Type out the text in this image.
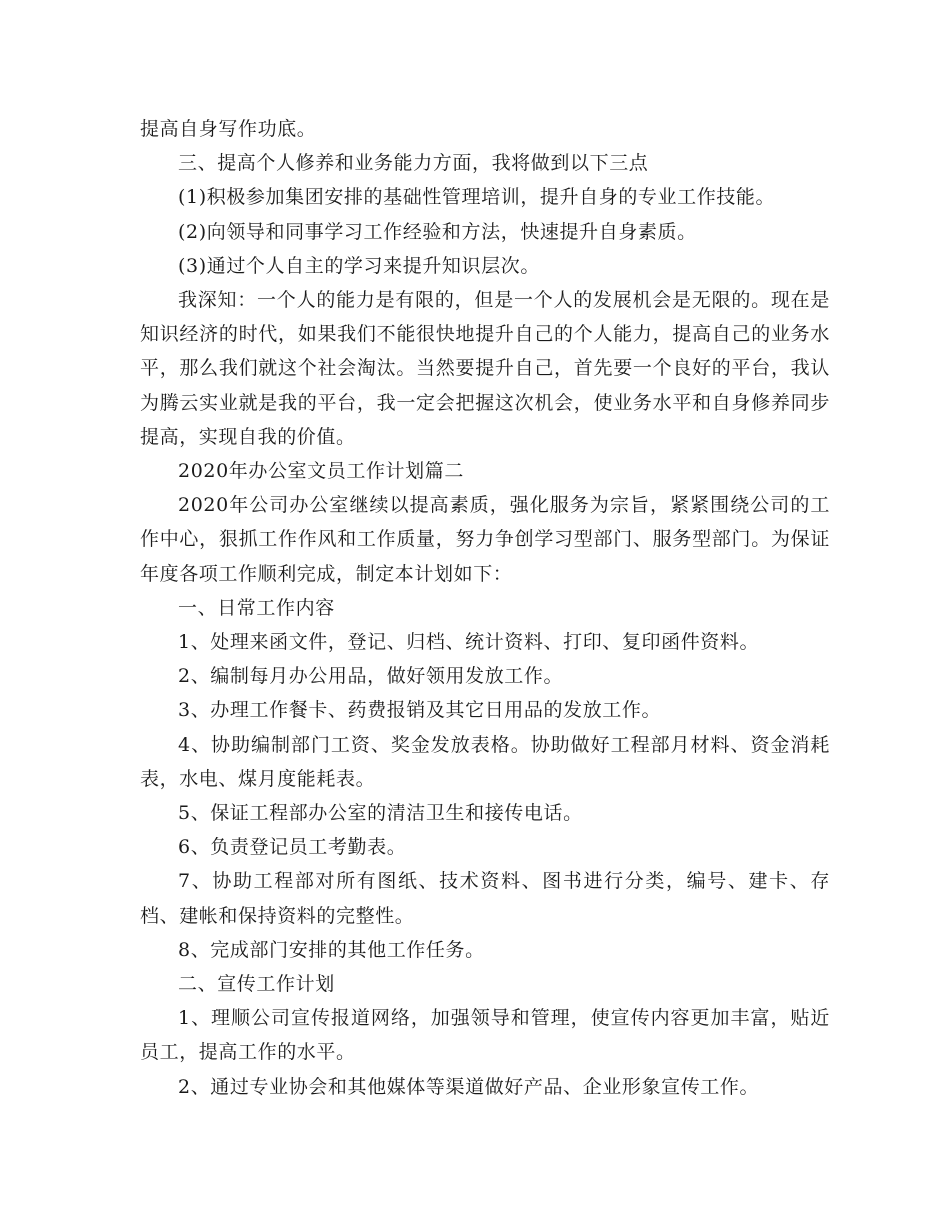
提高自身写作功底。

三、提高个人修养和业务能力方面，我将做到以下三点

(1)积极参加集团安排的基础性管理培训，提升自身的专业工作技能。

(2)向领导和同事学习工作经验和方法，快速提升自身素质。

(3)通过个人自主的学习来提升知识层次。

我深知：一个人的能力是有限的，但是一个人的发展机会是无限的。现在是知识经济的时代，如果我们不能很快地提升自己的个人能力，提高自己的业务水平，那么我们就这个社会淘汰。当然要提升自己，首先要一个良好的平台，我认为腾云实业就是我的平台，我一定会把握这次机会，使业务水平和自身修养同步提高，实现自我的价值。

2020年办公室文员工作计划篇二

2020年公司办公室继续以提高素质，强化服务为宗旨，紧紧围绕公司的工作中心，狠抓工作作风和工作质量，努力争创学习型部门、服务型部门。为保证年度各项工作顺利完成，制定本计划如下：

一、日常工作内容

1、处理来函文件，登记、归档、统计资料、打印、复印函件资料。

2、编制每月办公用品，做好领用发放工作。

3、办理工作餐卡、药费报销及其它日用品的发放工作。

4、协助编制部门工资、奖金发放表格。协助做好工程部月材料、资金消耗表，水电、煤月度能耗表。

5、保证工程部办公室的清洁卫生和接传电话。

6、负责登记员工考勤表。

7、协助工程部对所有图纸、技术资料、图书进行分类，编号、建卡、存档、建帐和保持资料的完整性。

8、完成部门安排的其他工作任务。

二、宣传工作计划

1、理顺公司宣传报道网络，加强领导和管理，使宣传内容更加丰富，贴近员工，提高工作的水平。

2、通过专业协会和其他媒体等渠道做好产品、企业形象宣传工作。
